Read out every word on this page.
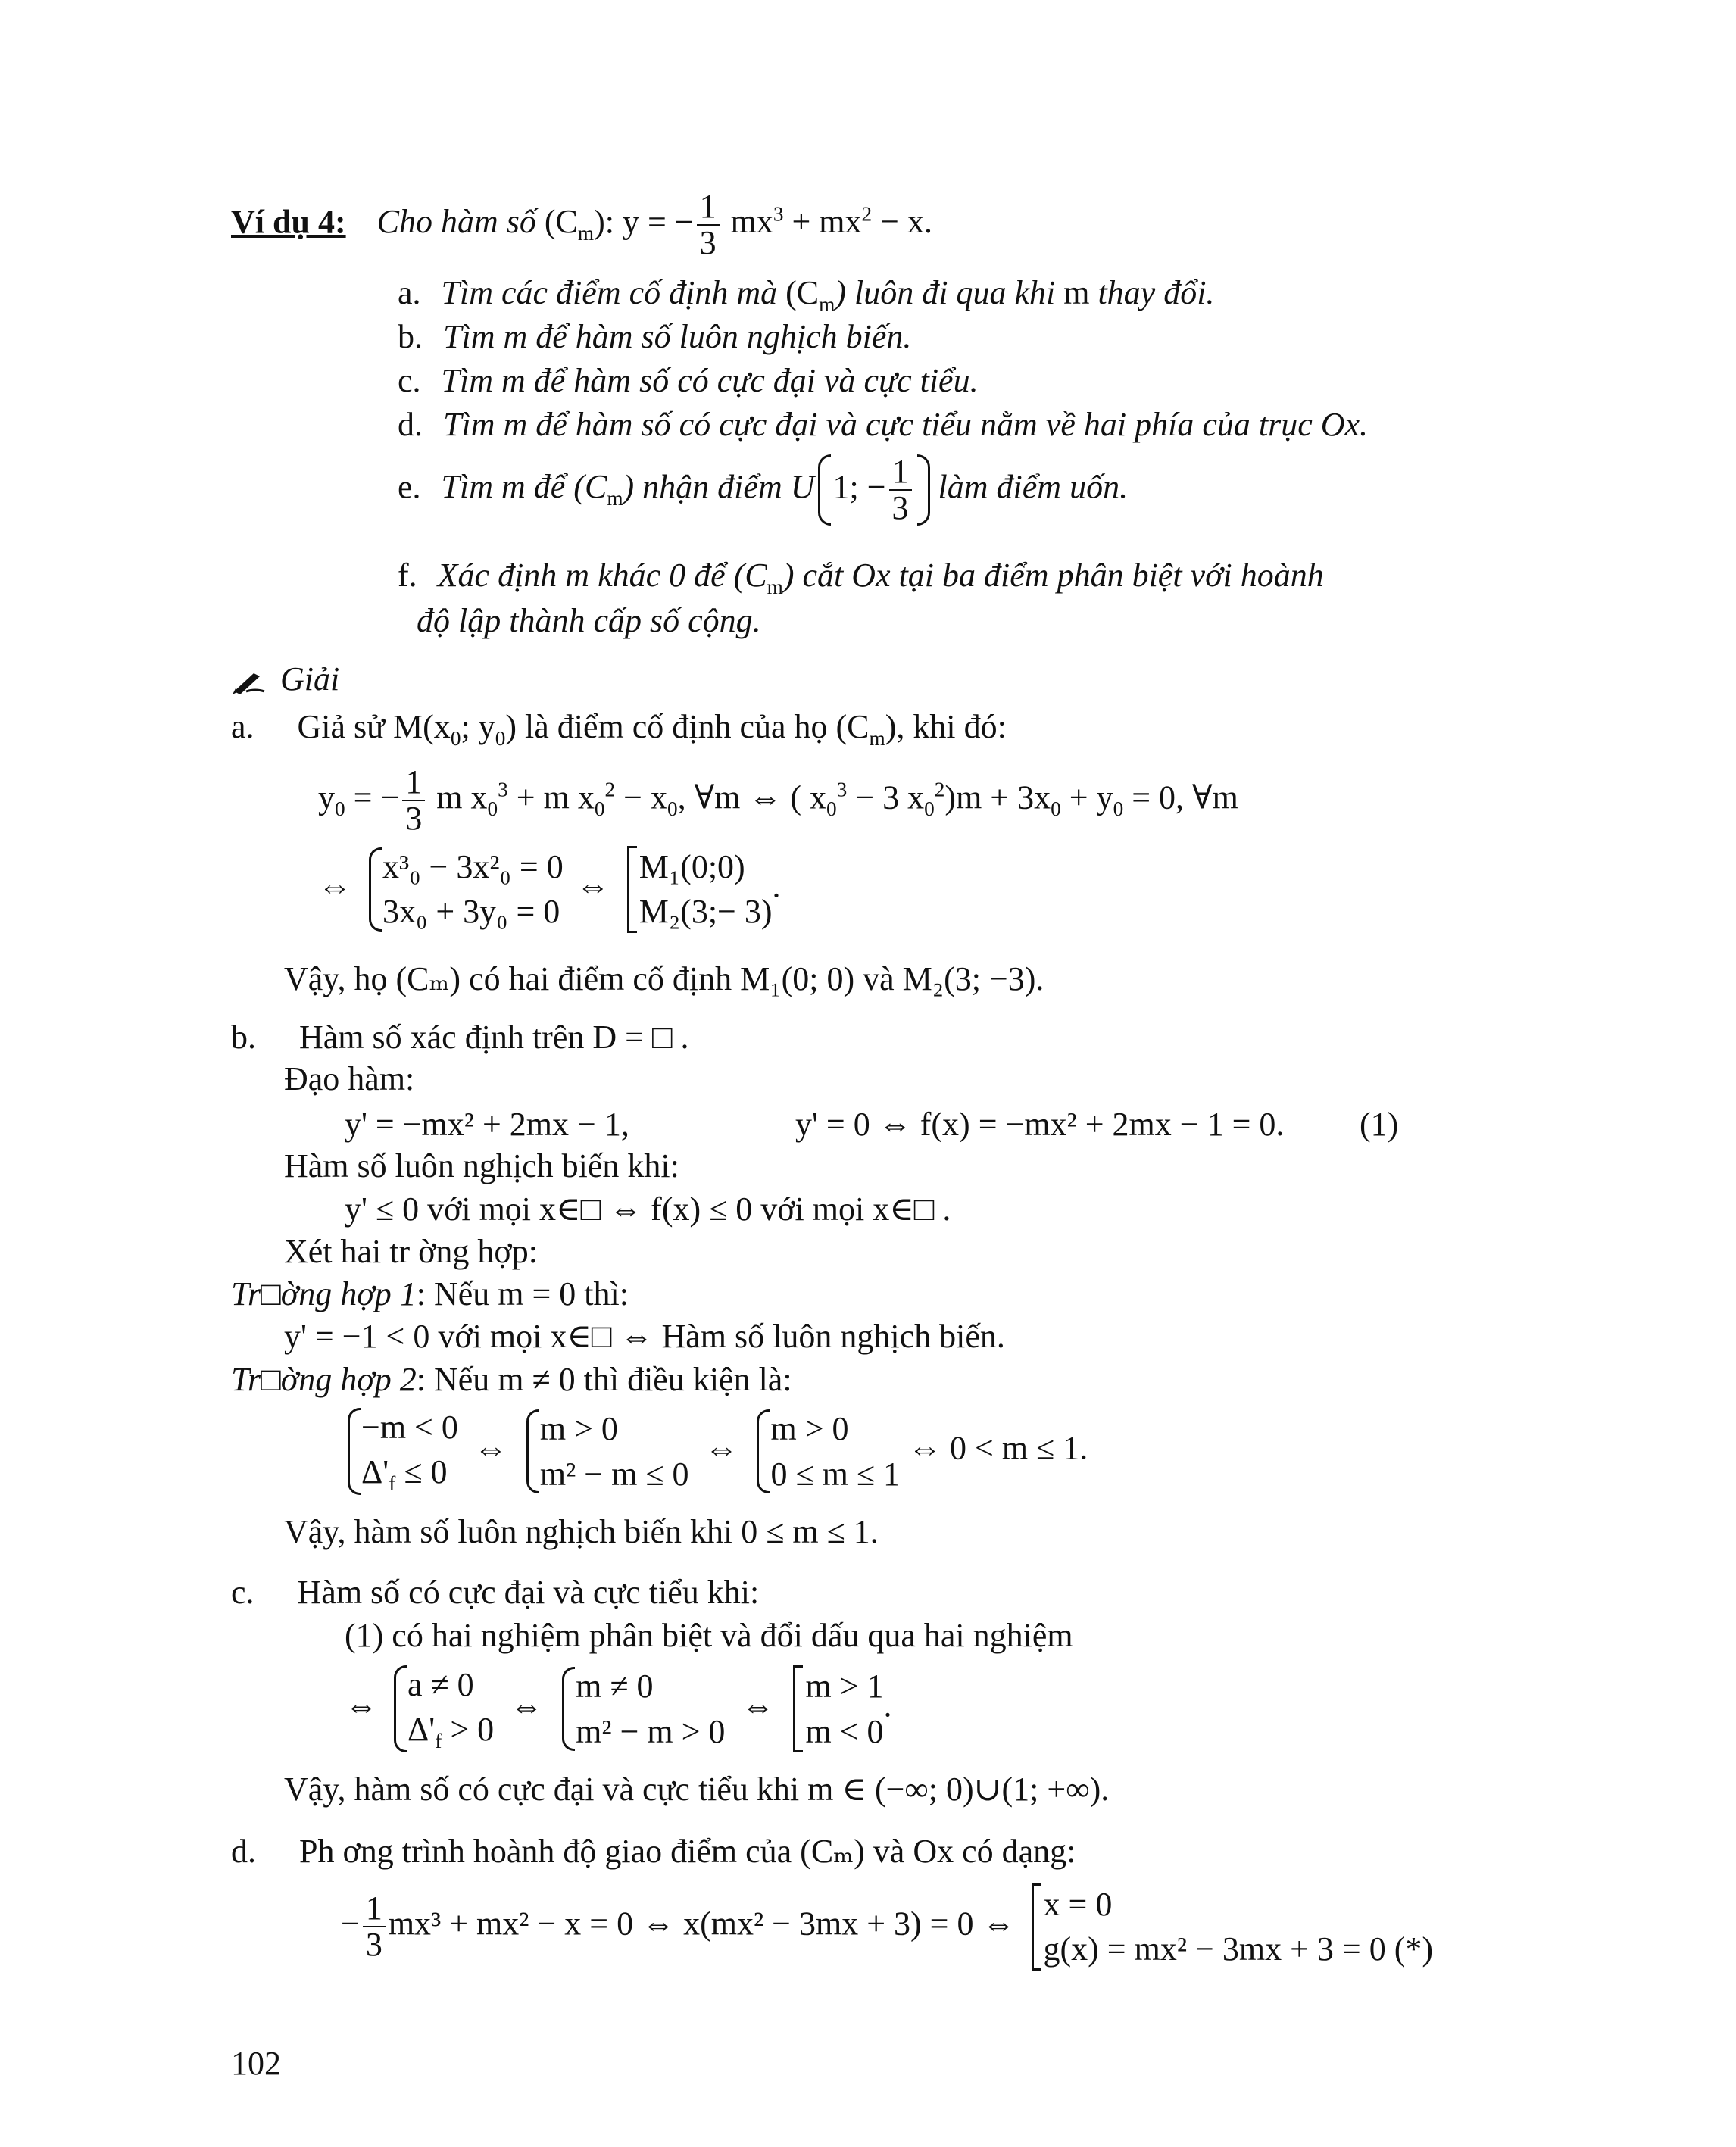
Ví dụ 4: Cho hàm số $(C_m)$: y = − $\frac{1}{3} mx^3 + mx^2 - x$.
a. Tìm các điểm cố định mà $(C_m)$ luôn đi qua khi m thay đổi.
b. Tìm m để hàm số luôn nghịch biến.
c. Tìm m để hàm số có cực đại và cực tiểu.
d. Tìm m để hàm số có cực đại và cực tiểu nằm về hai phía của trục Ox.
e. Tìm m để $(C_m)$ nhận điểm U 1; − $\frac{1}{3}$ làm điểm uốn.
f. Xác định m khác 0 để $(C_m)$ cắt Ox tại ba điểm phân biệt với hoành
độ lập thành cấp số cộng.
Giải
a. Giả sử $M(x_0$; $y_0$) là điểm cố định của họ $(C_m)$, khi đó:
$y_0$ = − $\frac{1}{3}$ m $x_0^3 + m$ $x_0^2 - x_0$, ∀m ⇔ ( $x_0^3 - 3$ $x_0^2)m + 3x_0 + y_0 = 0$, ∀m
⇔
x³₀ − 3x²₀ = 0
3x₀ + 3y₀ = 0
⇔
M₁(0;0)
M₂(3;− 3)
.
Vậy, họ (Cₘ) có hai điểm cố định M₁(0; 0) và M₂(3; −3).
b. Hàm số xác định trên D = □ .
Đạo hàm:
y' = −mx² + 2mx − 1,	y' = 0 ⇔ f(x) = −mx² + 2mx − 1 = 0. (1)
Hàm số luôn nghịch biến khi:
y' ≤ 0 với mọi x∈□ ⇔ f(x) ≤ 0 với mọi x∈□ .
Xét hai tr ờng hợp:
Tr□ờng hợp 1: Nếu m = 0 thì:
y' = −1 < 0 với mọi x∈□ ⇔ Hàm số luôn nghịch biến.
Tr□ờng hợp 2: Nếu m ≠ 0 thì điều kiện là:
−m < 0
$\Delta'_f \le 0$
⇔
m > 0
m² − m ≤ 0
⇔
m > 0
0 ≤ m ≤ 1
⇔ 0 < m ≤ 1.
Vậy, hàm số luôn nghịch biến khi 0 ≤ m ≤ 1.
c. Hàm số có cực đại và cực tiểu khi:
(1) có hai nghiệm phân biệt và đổi dấu qua hai nghiệm
⇔
a ≠ 0
$\Delta'_f > 0$
⇔
m ≠ 0
m² − m > 0
⇔
m > 1
m < 0
.
Vậy, hàm số có cực đại và cực tiểu khi m ∈ (−∞; 0)∪(1; +∞).
d. Ph ơng trình hoành độ giao điểm của (Cₘ) và Ox có dạng:
− $\frac{1}{3} mx^3 + mx^2 - x = 0$ ⇔ x(mx² − 3mx + 3) = 0 ⇔
x = 0
g(x) = mx² − 3mx + 3 = 0 (*)
102
